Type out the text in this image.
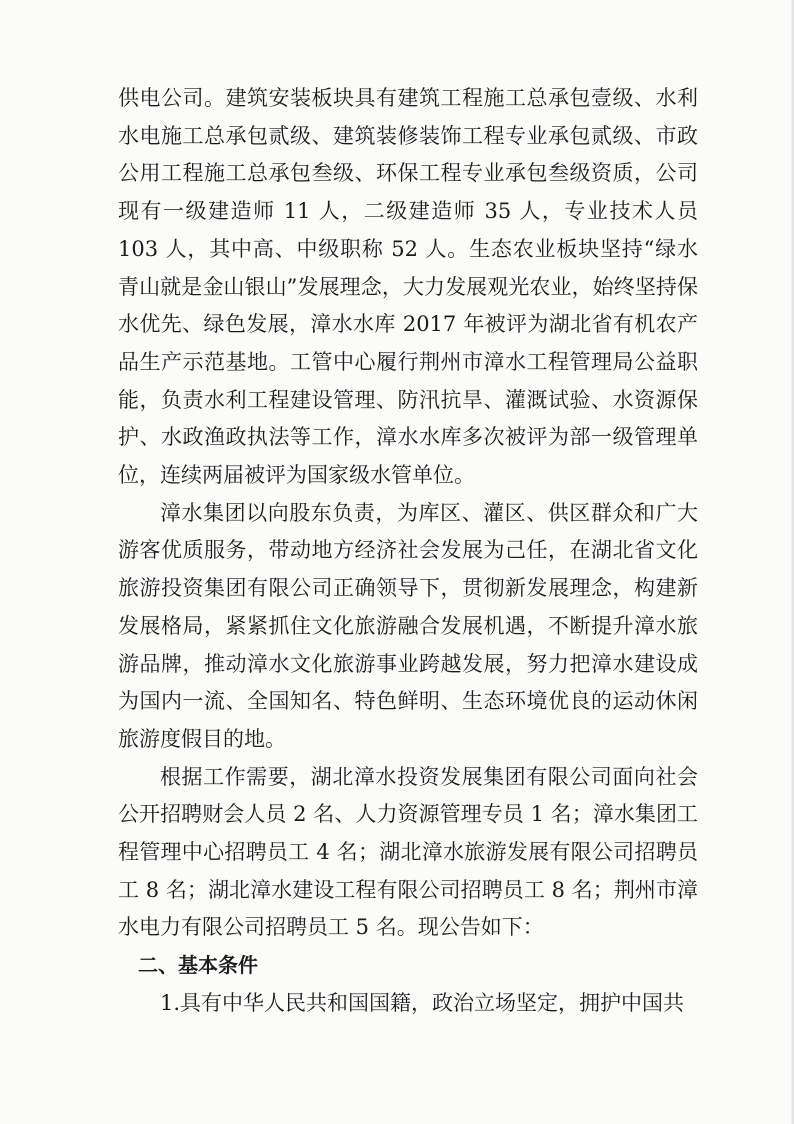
供电公司。建筑安装板块具有建筑工程施工总承包壹级、水利水电施工总承包贰级、建筑装修装饰工程专业承包贰级、市政公用工程施工总承包叁级、环保工程专业承包叁级资质，公司现有一级建造师 11 人，二级建造师 35 人，专业技术人员 103 人，其中高、中级职称 52 人。生态农业板块坚持“绿水青山就是金山银山”发展理念，大力发展观光农业，始终坚持保水优先、绿色发展，漳水水库 2017 年被评为湖北省有机农产品生产示范基地。工管中心履行荆州市漳水工程管理局公益职能，负责水利工程建设管理、防汛抗旱、灌溉试验、水资源保护、水政渔政执法等工作，漳水水库多次被评为部一级管理单位，连续两届被评为国家级水管单位。

漳水集团以向股东负责，为库区、灌区、供区群众和广大游客优质服务，带动地方经济社会发展为己任，在湖北省文化旅游投资集团有限公司正确领导下，贯彻新发展理念，构建新发展格局，紧紧抓住文化旅游融合发展机遇，不断提升漳水旅游品牌，推动漳水文化旅游事业跨越发展，努力把漳水建设成为国内一流、全国知名、特色鲜明、生态环境优良的运动休闲旅游度假目的地。

根据工作需要，湖北漳水投资发展集团有限公司面向社会公开招聘财会人员 2 名、人力资源管理专员 1 名；漳水集团工程管理中心招聘员工 4 名；湖北漳水旅游发展有限公司招聘员工 8 名；湖北漳水建设工程有限公司招聘员工 8 名；荆州市漳水电力有限公司招聘员工 5 名。现公告如下：

二、基本条件

1.具有中华人民共和国国籍，政治立场坚定，拥护中国共
